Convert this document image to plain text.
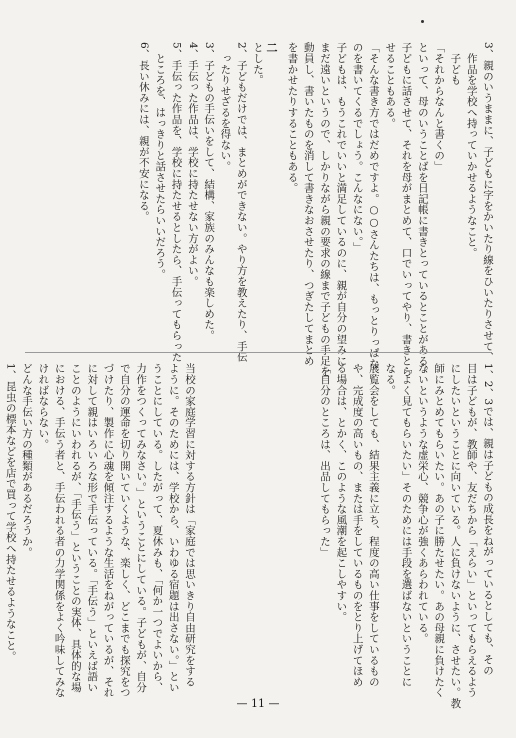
3、親のいうままに、子どもに字をかいたり線をひいたりさせて、
　作品を学校へ持っていかせるようなこと。
　子ども
「それからなんと書くの」
といって、母のいうことばを日記帳に書きとっているとことがある。
子どもに話させて、それを母がまとめて、口でいってやり、書きとら
せることもある。
「そんな書き方ではだめですよ。○○さんたちは、もっとりっぱな
のを書いてくるでしょう。こんなにない。」
子どもは、もうこれでいいと満足しているのに、親が自分の望みに
まだ遠いというので、しかりながら親の要求の線まで子どもの手足を
動員し、書いたものを消して書きなおさせたり、つぎたしてまとめ
を書かせたりすることもある。
とした。
2、子どもだけでは、まとめができない。やり方を教えたり、手伝
　ったりせざるを得ない。
3、子どもの手伝いをして、結構、家族のみんなも楽しめた。
4、手伝った作品は、学校に持たせない方がよい。
5、手伝った作品を、学校に持たせるとしたら、手伝ってもらった
　ところを、はっきりと話させたらいいだろう。
6、長い休みには、親が不安になる。	二
1、2、3では、親は子どもの成長をねがっているとしても、その
目は子どもが、教師や、友だちから「えらい」といってもらえるよう
にしたいということに向いている。人に負けないように、させたい。教
師にみとめてもらいたい。あの子に勝たせたい。あの母親に負けたく
ないというような虚栄心、競争心が強くあらわれている。
「よく見てもらいたい」そのためには手段を選ばないということに
なる。
展覧会をしても、結果主義に立ち、程度の高い仕事をしているもの
や、完成度の高いもの、または手をしているものをとり上げてほめ
る場合は、とかく、このような風潮を起こしやすい。
「自分のところは、出品してもらった」
当校の家庭学習に対する方針は「家庭では思いきり自由研究をする
ように。そのためには、学校から、いわゆる宿題は出さない。」とい
うことにしている。したがって、夏休みも、「何か一つでよいから、
力作をつくってみなさい。」ということにしている。子どもが、自分
で自分の運命を切り開いていくような、楽しく、どこまでも探究をつ
づけたり、製作に心魂を傾注するような生活をねがっているが、それ
に対して親はいろいろな形で手伝っている。「手伝う」といえば語い
ことのようにいわれるが、「手伝う」ということの実体、具体的な場
における、手伝う者と、手伝われる者の力学関係をよく吟味してみな
ければならない。
どんな手伝い方の種類があるだろうか。
1、昆虫の標本などを店で買って学校へ持たせるようなこと。

— 11 —
